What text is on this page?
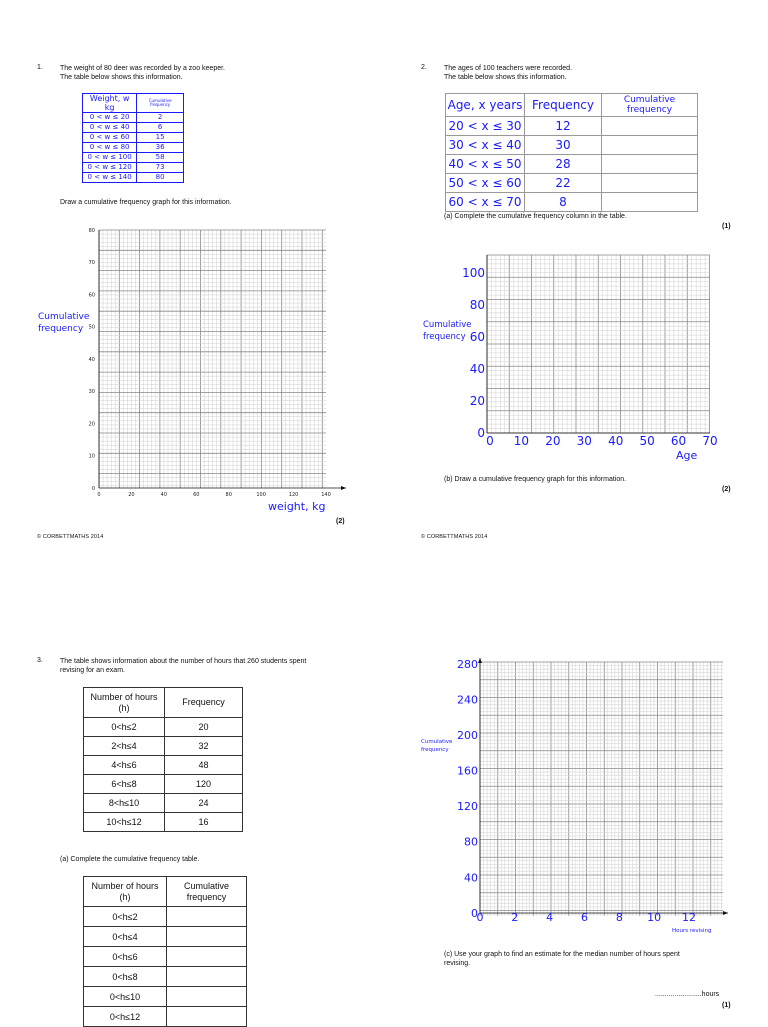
1. The weight of 80 deer was recorded by a zoo keeper.
The table below shows this information.
Weight, w kg	Cumulative frequency
0 < w ≤ 20	2
0 < w ≤ 40	6
0 < w ≤ 60	15
0 < w ≤ 80	36
0 < w ≤ 100	58
0 < w ≤ 120	73
0 < w ≤ 140	80
Draw a cumulative frequency graph for this information.
80
70
60
50
40
30
20
10
0
0	20	40	60	80	100	120	140
Cumulative
frequency
weight, kg
(2)
© CORBETTMATHS 2014
2. The ages of 100 teachers were recorded.
The table below shows this information.
Age, x years	Frequency	Cumulative frequency
20 < x ≤ 30	12	
30 < x ≤ 40	30	
40 < x ≤ 50	28	
50 < x ≤ 60	22	
60 < x ≤ 70	8	
(a) Complete the cumulative frequency column in the table.
(1)
100
80
60
40
20
0
0 10 20 30 40 50 60 70
Cumulative
frequency
Age
(b) Draw a cumulative frequency graph for this information.
(2)
© CORBETTMATHS 2014
3. The table shows information about the number of hours that 260 students spent
revising for an exam.
Number of hours (h)	Frequency
0<h≤2	20
2<h≤4	32
4<h≤6	48
6<h≤8	120
8<h≤10	24
10<h≤12	16
(a) Complete the cumulative frequency table.
Number of hours (h)	Cumulative frequency
0<h≤2	
0<h≤4	
0<h≤6	
0<h≤8	
0<h≤10	
0<h≤12	
280
240
200
160
120
80
40
0
0	2	4	6	8 10 12
Cumulative
frequency
Hours revising
(c) Use your graph to find an estimate for the median number of hours spent
revising.
........................hours
(1)
